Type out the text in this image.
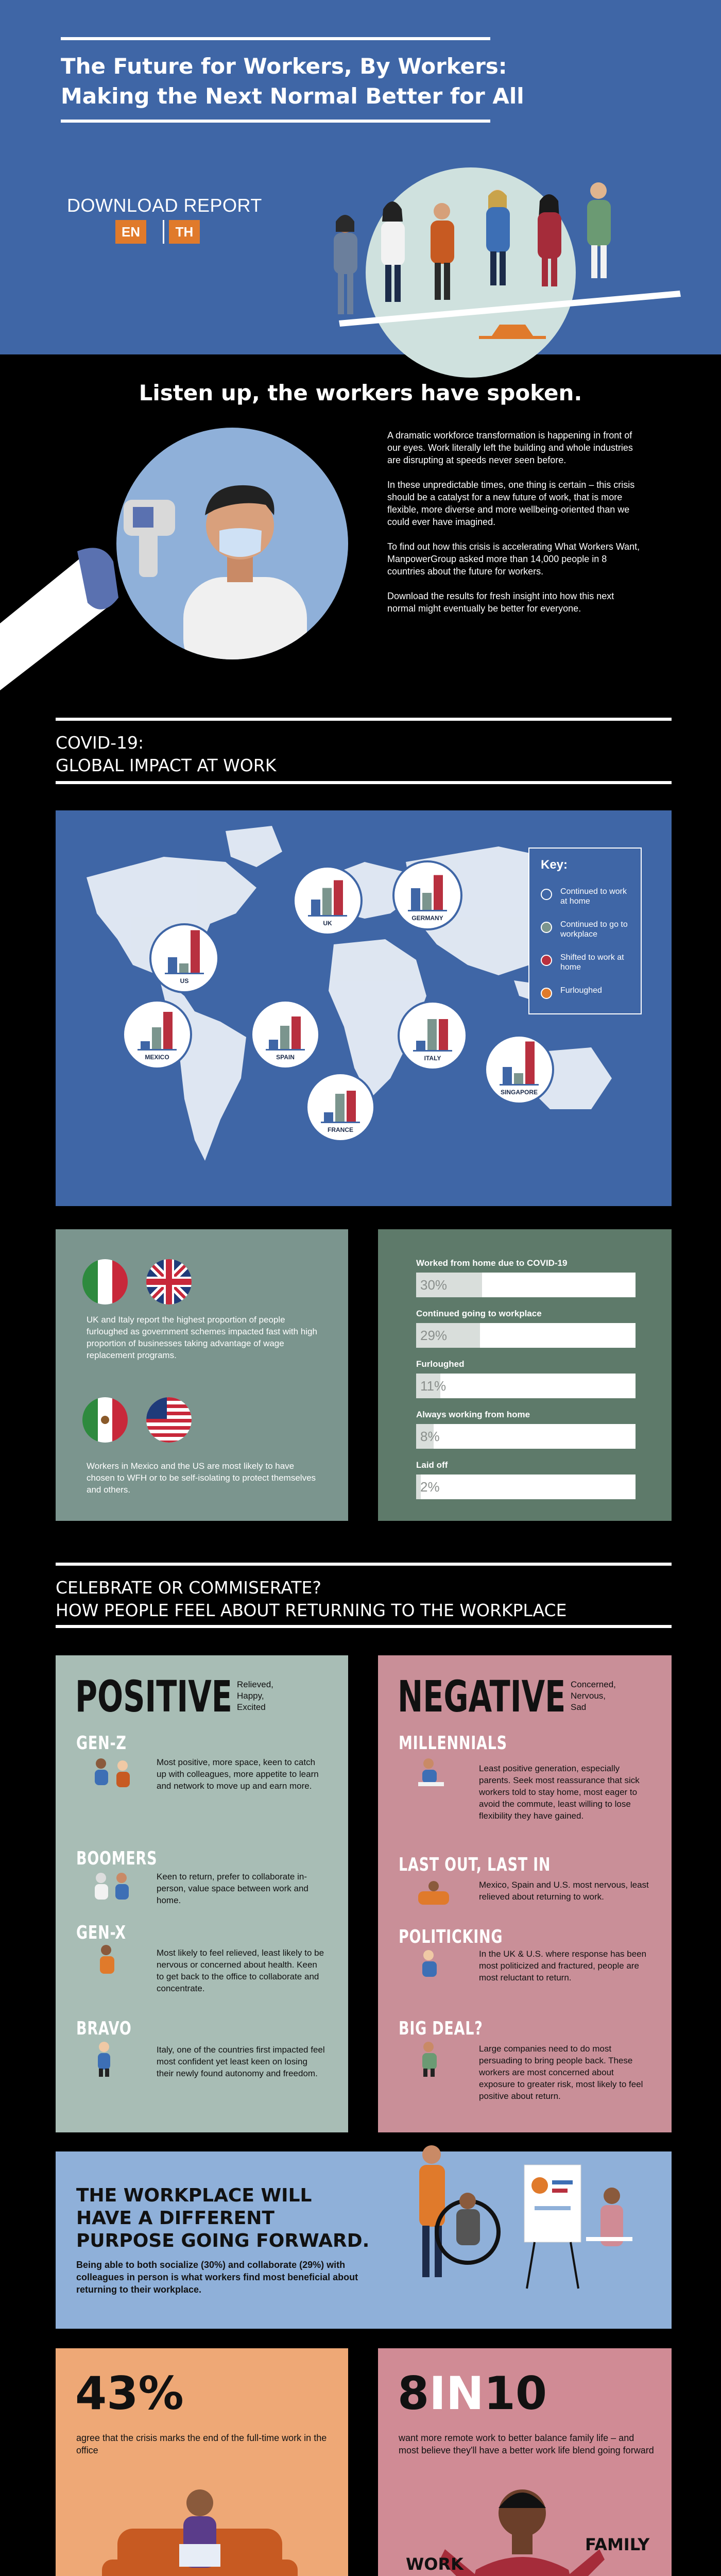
The Future for Workers, By Workers:
Making the Next Normal Better for All
DOWNLOAD REPORT
EN	TH
Listen up, the workers have spoken.

A dramatic workforce transformation is happening in front of our eyes. Work literally left the building and whole industries are disrupting at speeds never seen before.

In these unpredictable times, one thing is certain – this crisis should be a catalyst for a new future of work, that is more flexible, more diverse and more wellbeing-oriented than we could ever have imagined.

To find out how this crisis is accelerating What Workers Want, ManpowerGroup asked more than 14,000 people in 8 countries about the future for workers.

Download the results for fresh insight into how this next normal might eventually be better for everyone.

COVID-19:
GLOBAL IMPACT AT WORK
UK
GERMANY
US
MEXICO	SPAIN	ITALY
SINGAPORE
FRANCE
Key:
Continued to work at home
Continued to go to workplace
Shifted to work at home
Furloughed
UK and Italy report the highest proportion of people furloughed as government schemes impacted fast with high proportion of businesses taking advantage of wage replacement programs.
Workers in Mexico and the US are most likely to have chosen to WFH or to be self-isolating to protect themselves and others.
Worked from home due to COVID-19
30%
Continued going to workplace
29%
Furloughed
11%
Always working from home
8%
Laid off
2%
CELEBRATE OR COMMISERATE?
HOW PEOPLE FEEL ABOUT RETURNING TO THE WORKPLACE
POSITIVE Relieved,
Happy,
Excited
GEN-Z
Most positive, more space, keen to catch up with colleagues, more appetite to learn and network to move up and earn more.
BOOMERS
Keen to return, prefer to collaborate in-person, value space between work and home.
GEN-X
Most likely to feel relieved, least likely to be nervous or concerned about health. Keen to get back to the office to collaborate and concentrate.
BRAVO
Italy, one of the countries first impacted feel most confident yet least keen on losing their newly found autonomy and freedom.
NEGATIVE Concerned,
Nervous,
Sad
MILLENNIALS
Least positive generation, especially parents. Seek most reassurance that sick workers told to stay home, most eager to avoid the commute, least willing to lose flexibility they have gained.
LAST OUT, LAST IN
Mexico, Spain and U.S. most nervous, least relieved about returning to work.
POLITICKING
In the UK & U.S. where response has been most politicized and fractured, people are most reluctant to return.
BIG DEAL?
Large companies need to do most persuading to bring people back. These workers are most concerned about exposure to greater risk, most likely to feel positive about return.
THE WORKPLACE WILL
HAVE A DIFFERENT
PURPOSE GOING FORWARD.
Being able to both socialize (30%) and collaborate (29%) with colleagues in person is what workers find most beneficial about returning to their workplace.
43%
agree that the crisis marks the end of the full-time work in the office
8IN10
want more remote work to better balance family life – and most believe they'll have a better work life blend going forward
WORK
FAMILY
